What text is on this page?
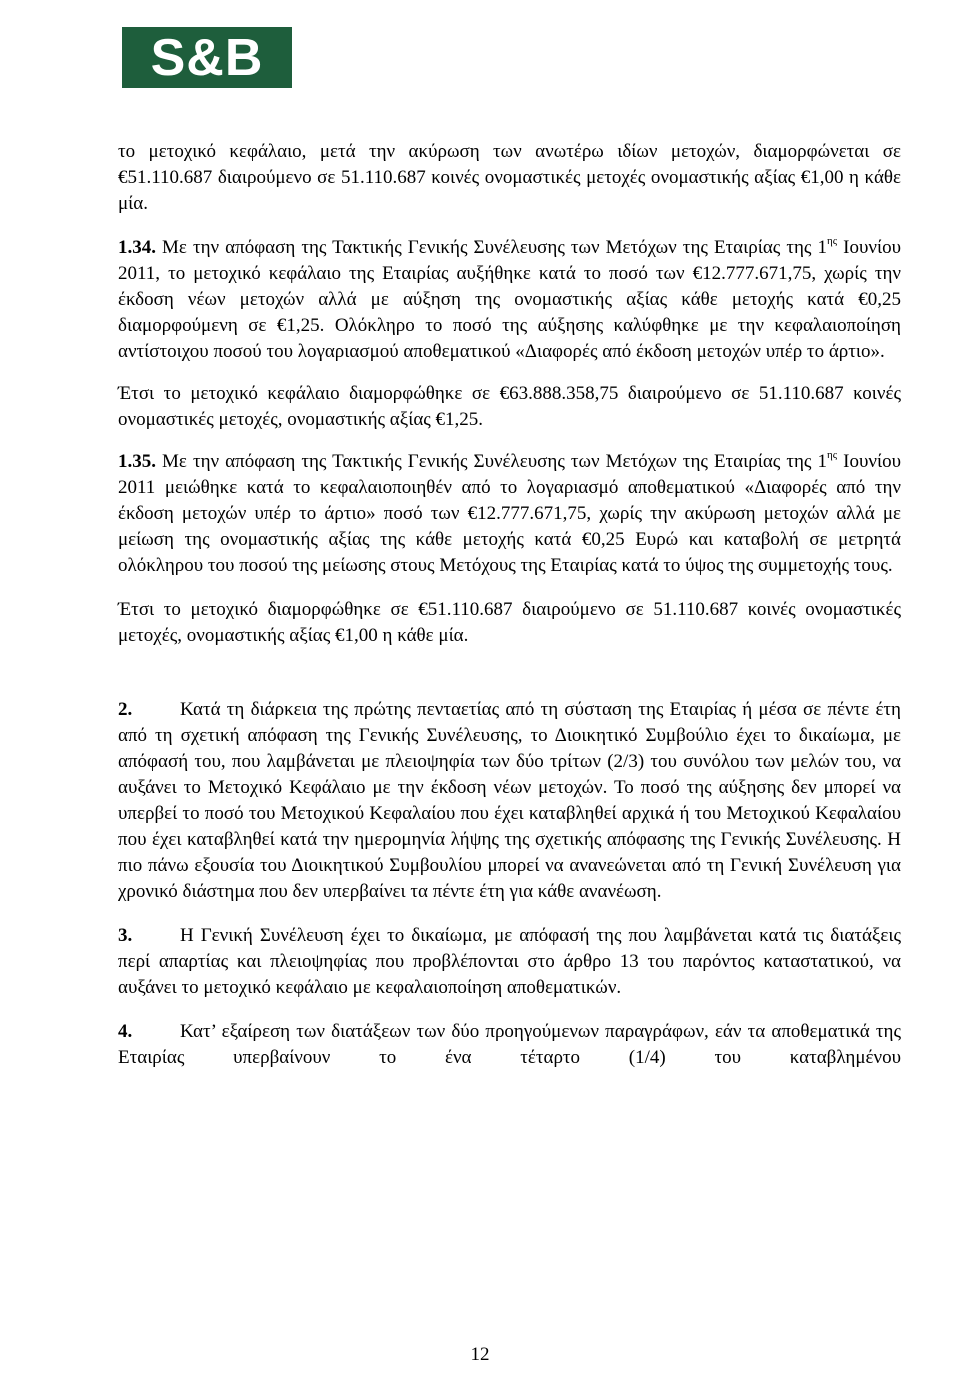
S&B

το μετοχικό κεφάλαιο, μετά την ακύρωση των ανωτέρω ιδίων μετοχών, διαμορφώνεται σε €51.110.687 διαιρούμενο σε 51.110.687 κοινές ονομαστικές μετοχές ονομαστικής αξίας €1,00 η κάθε μία.

1.34. Με την απόφαση της Τακτικής Γενικής Συνέλευσης των Μετόχων της Εταιρίας της $1^{\eta\varsigma}$ Ιουνίου 2011, το μετοχικό κεφάλαιο της Εταιρίας αυξήθηκε κατά το ποσό των €12.777.671,75, χωρίς την έκδοση νέων μετοχών αλλά με αύξηση της ονομαστικής αξίας κάθε μετοχής κατά €0,25 διαμορφούμενη σε €1,25. Ολόκληρο το ποσό της αύξησης καλύφθηκε με την κεφαλαιοποίηση αντίστοιχου ποσού του λογαριασμού αποθεματικού «Διαφορές από έκδοση μετοχών υπέρ το άρτιο».

Έτσι το μετοχικό κεφάλαιο διαμορφώθηκε σε €63.888.358,75 διαιρούμενο σε 51.110.687 κοινές ονομαστικές μετοχές, ονομαστικής αξίας €1,25.

1.35. Με την απόφαση της Τακτικής Γενικής Συνέλευσης των Μετόχων της Εταιρίας της $1^{\eta\varsigma}$ Ιουνίου 2011 μειώθηκε κατά το κεφαλαιοποιηθέν από το λογαριασμό αποθεματικού «Διαφορές από την έκδοση μετοχών υπέρ το άρτιο» ποσό των €12.777.671,75, χωρίς την ακύρωση μετοχών αλλά με μείωση της ονομαστικής αξίας της κάθε μετοχής κατά €0,25 Ευρώ και καταβολή σε μετρητά ολόκληρου του ποσού της μείωσης στους Μετόχους της Εταιρίας κατά το ύψος της συμμετοχής τους.

Έτσι το μετοχικό διαμορφώθηκε σε €51.110.687 διαιρούμενο σε 51.110.687 κοινές ονομαστικές μετοχές, ονομαστικής αξίας €1,00 η κάθε μία.

2.	Κατά τη διάρκεια της πρώτης πενταετίας από τη σύσταση της Εταιρίας ή μέσα σε πέντε έτη από τη σχετική απόφαση της Γενικής Συνέλευσης, το Διοικητικό Συμβούλιο έχει το δικαίωμα, με απόφασή του, που λαμβάνεται με πλειοψηφία των δύο τρίτων (2/3) του συνόλου των μελών του, να αυξάνει το Μετοχικό Κεφάλαιο με την έκδοση νέων μετοχών. Το ποσό της αύξησης δεν μπορεί να υπερβεί το ποσό του Μετοχικού Κεφαλαίου που έχει καταβληθεί αρχικά ή του Μετοχικού Κεφαλαίου που έχει καταβληθεί κατά την ημερομηνία λήψης της σχετικής απόφασης της Γενικής Συνέλευσης. Η πιο πάνω εξουσία του Διοικητικού Συμβουλίου μπορεί να ανανεώνεται από τη Γενική Συνέλευση για χρονικό διάστημα που δεν υπερβαίνει τα πέντε έτη για κάθε ανανέωση.

3.	Η Γενική Συνέλευση έχει το δικαίωμα, με απόφασή της που λαμβάνεται κατά τις διατάξεις περί απαρτίας και πλειοψηφίας που προβλέπονται στο άρθρο 13 του παρόντος καταστατικού, να αυξάνει το μετοχικό κεφάλαιο με κεφαλαιοποίηση αποθεματικών.

4.	Κατ’ εξαίρεση των διατάξεων των δύο προηγούμενων παραγράφων, εάν τα αποθεματικά της Εταιρίας υπερβαίνουν το ένα τέταρτο (1/4) του καταβλημένου

12
